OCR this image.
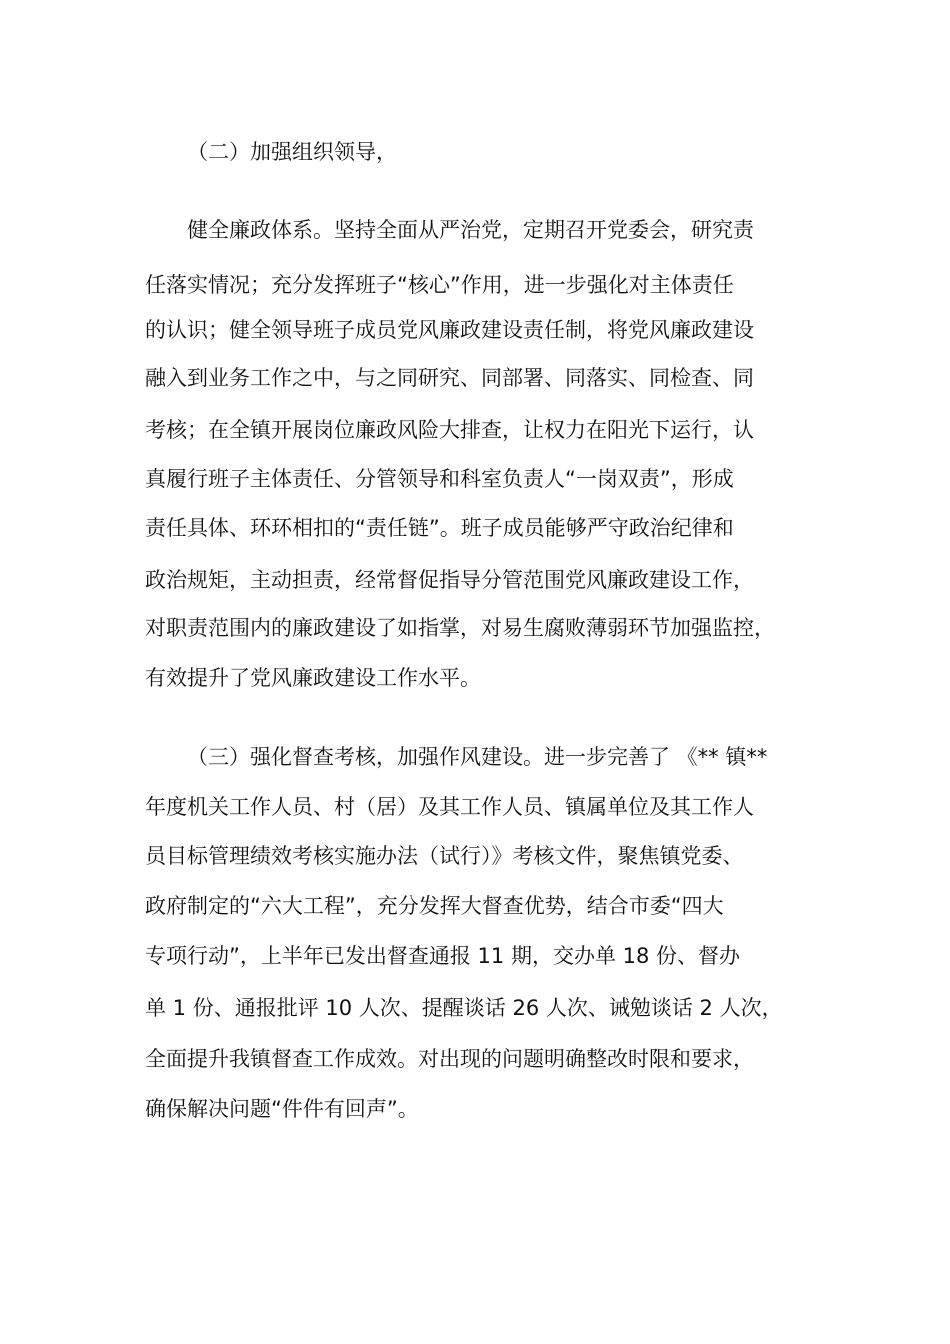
（二）加强组织领导，

健全廉政体系。坚持全面从严治党，定期召开党委会，研究责

任落实情况；充分发挥班子“核心”作用，进一步强化对主体责任

的认识；健全领导班子成员党风廉政建设责任制，将党风廉政建设

融入到业务工作之中，与之同研究、同部署、同落实、同检查、同

考核；在全镇开展岗位廉政风险大排查，让权力在阳光下运行，认

真履行班子主体责任、分管领导和科室负责人“一岗双责”，形成

责任具体、环环相扣的“责任链”。班子成员能够严守政治纪律和

政治规矩，主动担责，经常督促指导分管范围党风廉政建设工作，

对职责范围内的廉政建设了如指掌，对易生腐败薄弱环节加强监控，

有效提升了党风廉政建设工作水平。

（三）强化督查考核，加强作风建设。进一步完善了 《** 镇**

年度机关工作人员、村（居）及其工作人员、镇属单位及其工作人

员目标管理绩效考核实施办法（试行）》考核文件，聚焦镇党委、

政府制定的“六大工程”，充分发挥大督查优势，结合市委“四大

专项行动”，上半年已发出督查通报 11 期，交办单 18 份、督办

单 1 份、通报批评 10 人次、提醒谈话 26 人次、诫勉谈话 2 人次，

全面提升我镇督查工作成效。对出现的问题明确整改时限和要求，

确保解决问题“件件有回声”。
